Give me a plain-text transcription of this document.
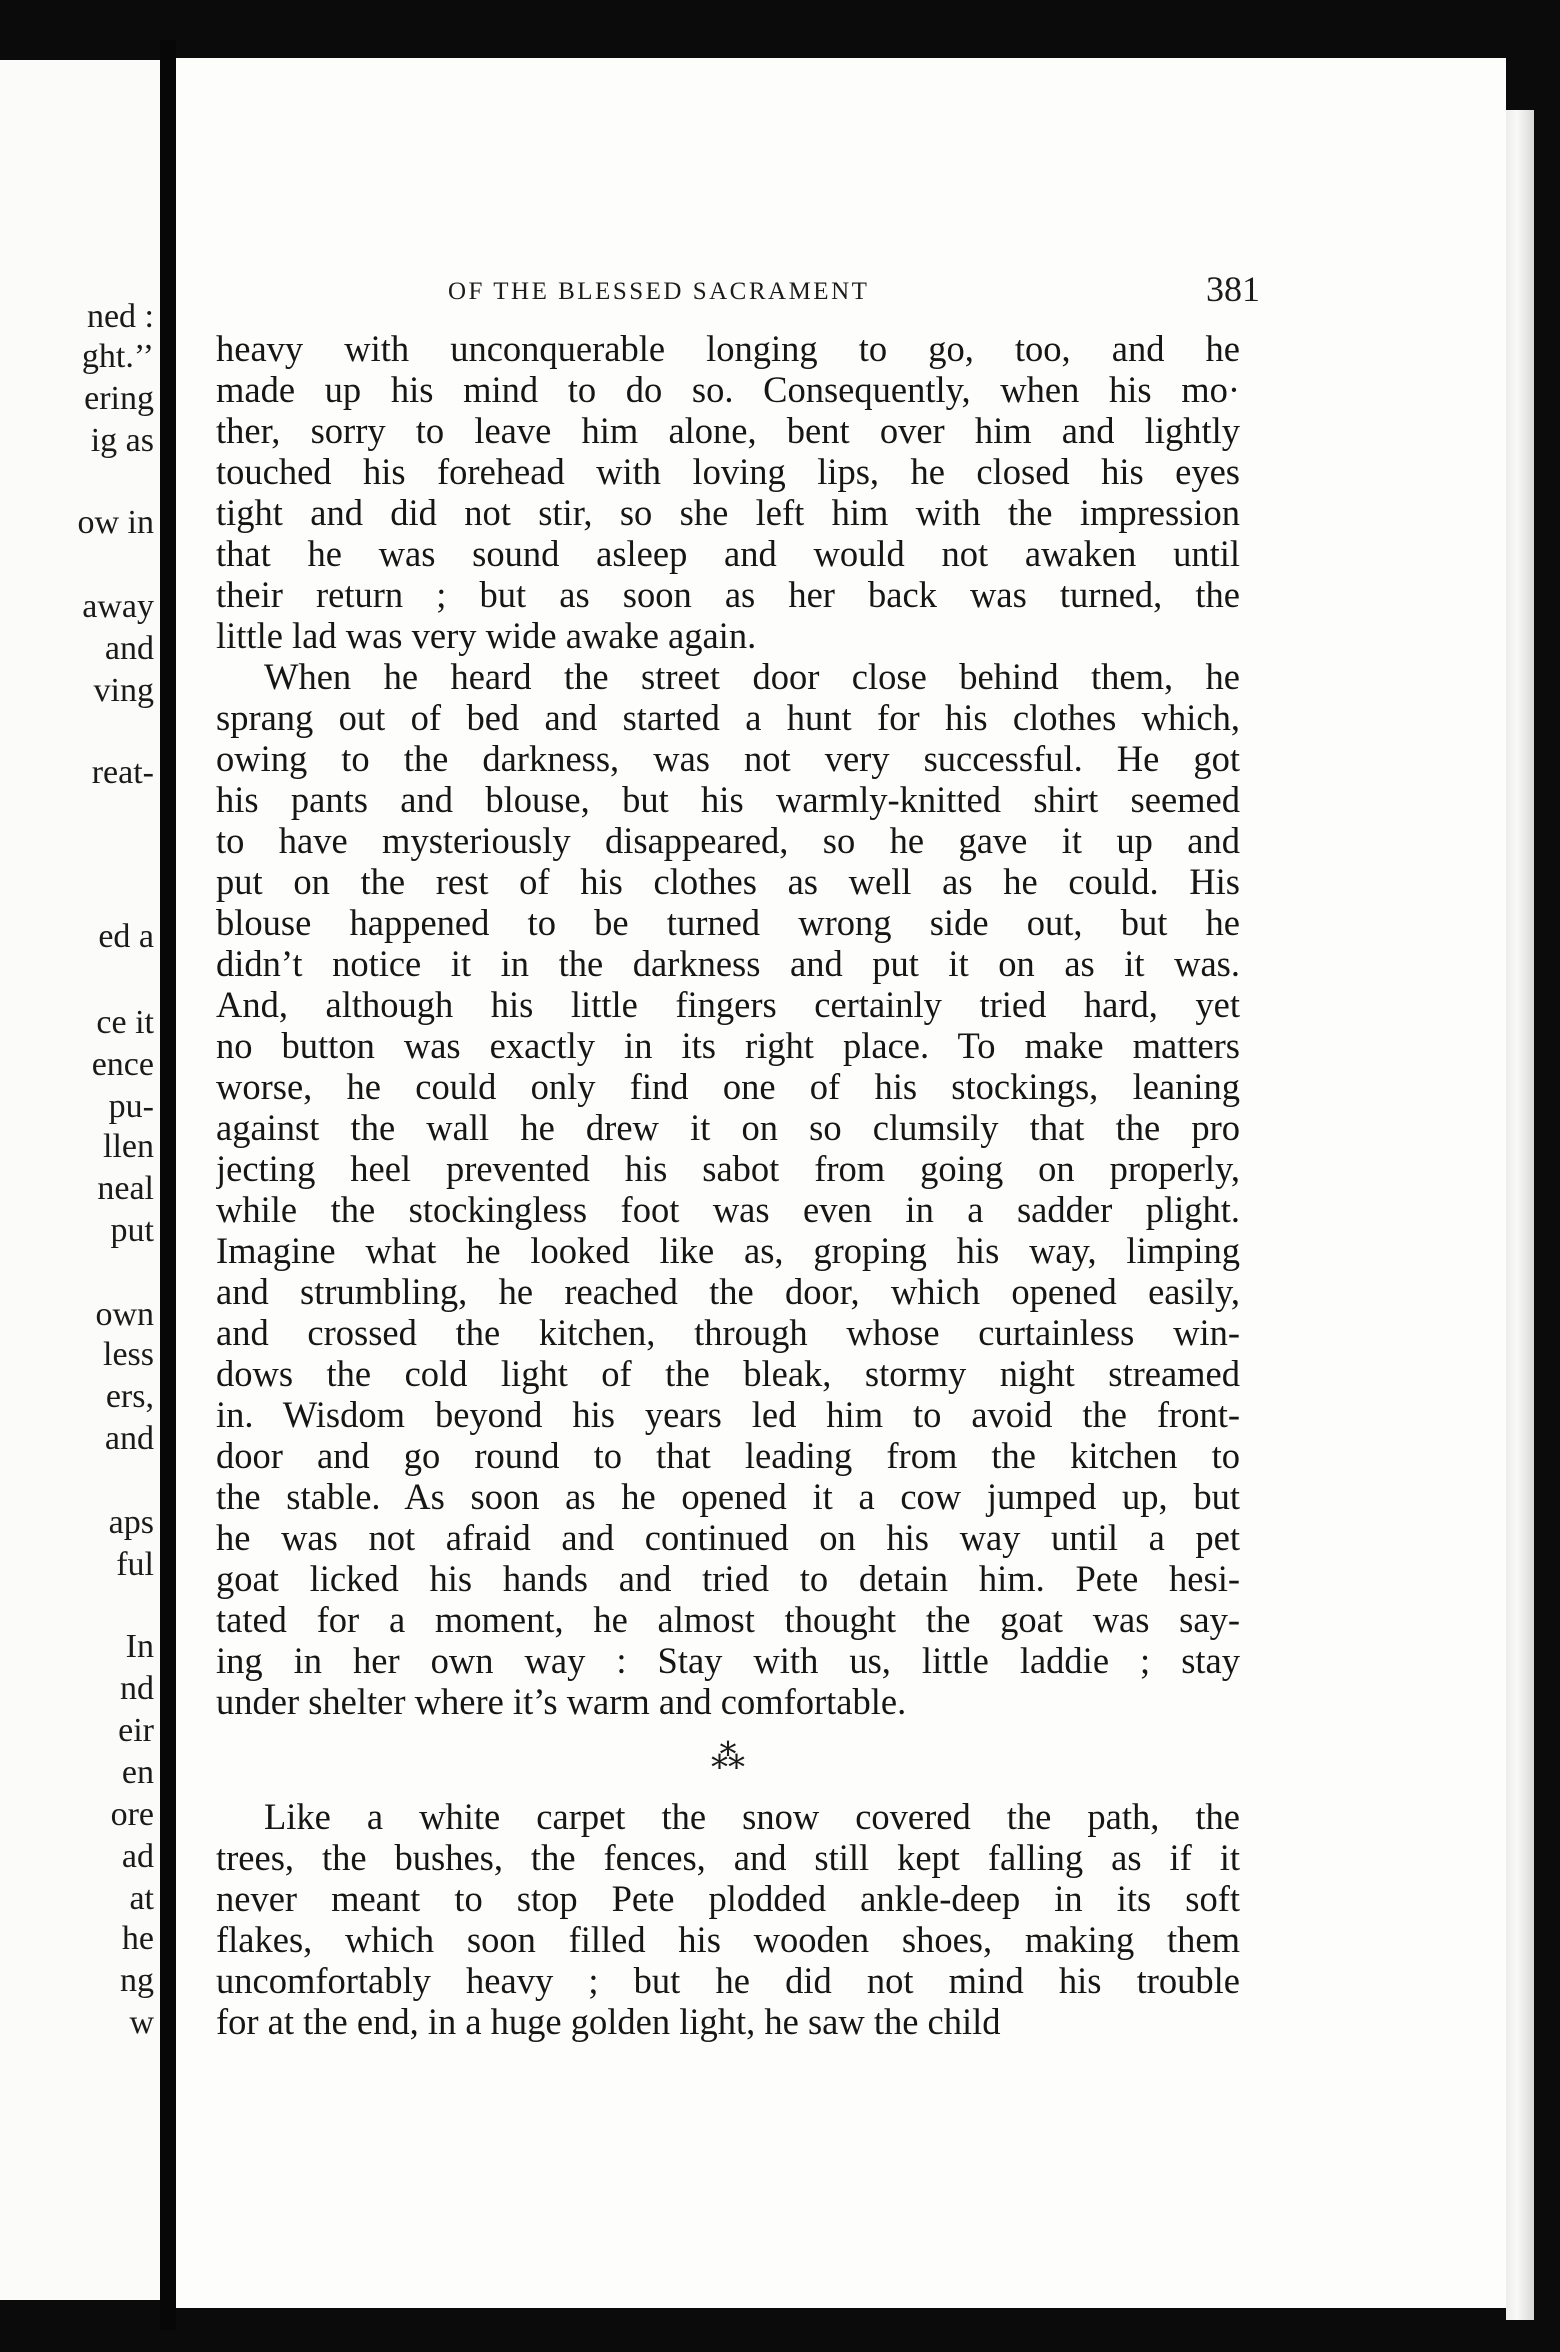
ned :
ght.’’
ering
ig as
ow in
away
and
ving
reat-
ed a
ce it
ence
pu-
llen
neal
put
own
less
ers,
and
aps
ful
In
nd
eir
en
ore
ad
at
he
ng
w
OF THE BLESSED SACRAMENT	381
heavy with unconquerable longing to go, too, and he
made up his mind to do so. Consequently, when his mo·
ther, sorry to leave him alone, bent over him and lightly
touched his forehead with loving lips, he closed his eyes
tight and did not stir, so she left him with the impression
that he was sound asleep and would not awaken until
their return ; but as soon as her back was turned, the
little lad was very wide awake again.
When he heard the street door close behind them, he
sprang out of bed and started a hunt for his clothes which,
owing to the darkness, was not very successful. He got
his pants and blouse, but his warmly-knitted shirt seemed
to have mysteriously disappeared, so he gave it up and
put on the rest of his clothes as well as he could. His
blouse happened to be turned wrong side out, but he
didn’t notice it in the darkness and put it on as it was.
And, although his little fingers certainly tried hard, yet
no button was exactly in its right place. To make matters
worse, he could only find one of his stockings, leaning
against the wall he drew it on so clumsily that the pro
jecting heel prevented his sabot from going on properly,
while the stockingless foot was even in a sadder plight.
Imagine what he looked like as, groping his way, limping
and strumbling, he reached the door, which opened easily,
and crossed the kitchen, through whose curtainless win-
dows the cold light of the bleak, stormy night streamed
in. Wisdom beyond his years led him to avoid the front-
door and go round to that leading from the kitchen to
the stable. As soon as he opened it a cow jumped up, but
he was not afraid and continued on his way until a pet
goat licked his hands and tried to detain him. Pete hesi-
tated for a moment, he almost thought the goat was say-
ing in her own way : Stay with us, little laddie ; stay
under shelter where it’s warm and comfortable.
⁂
Like a white carpet the snow covered the path, the
trees, the bushes, the fences, and still kept falling as if it
never meant to stop Pete plodded ankle-deep in its soft
flakes, which soon filled his wooden shoes, making them
uncomfortably heavy ; but he did not mind his trouble
for at the end, in a huge golden light, he saw the child
